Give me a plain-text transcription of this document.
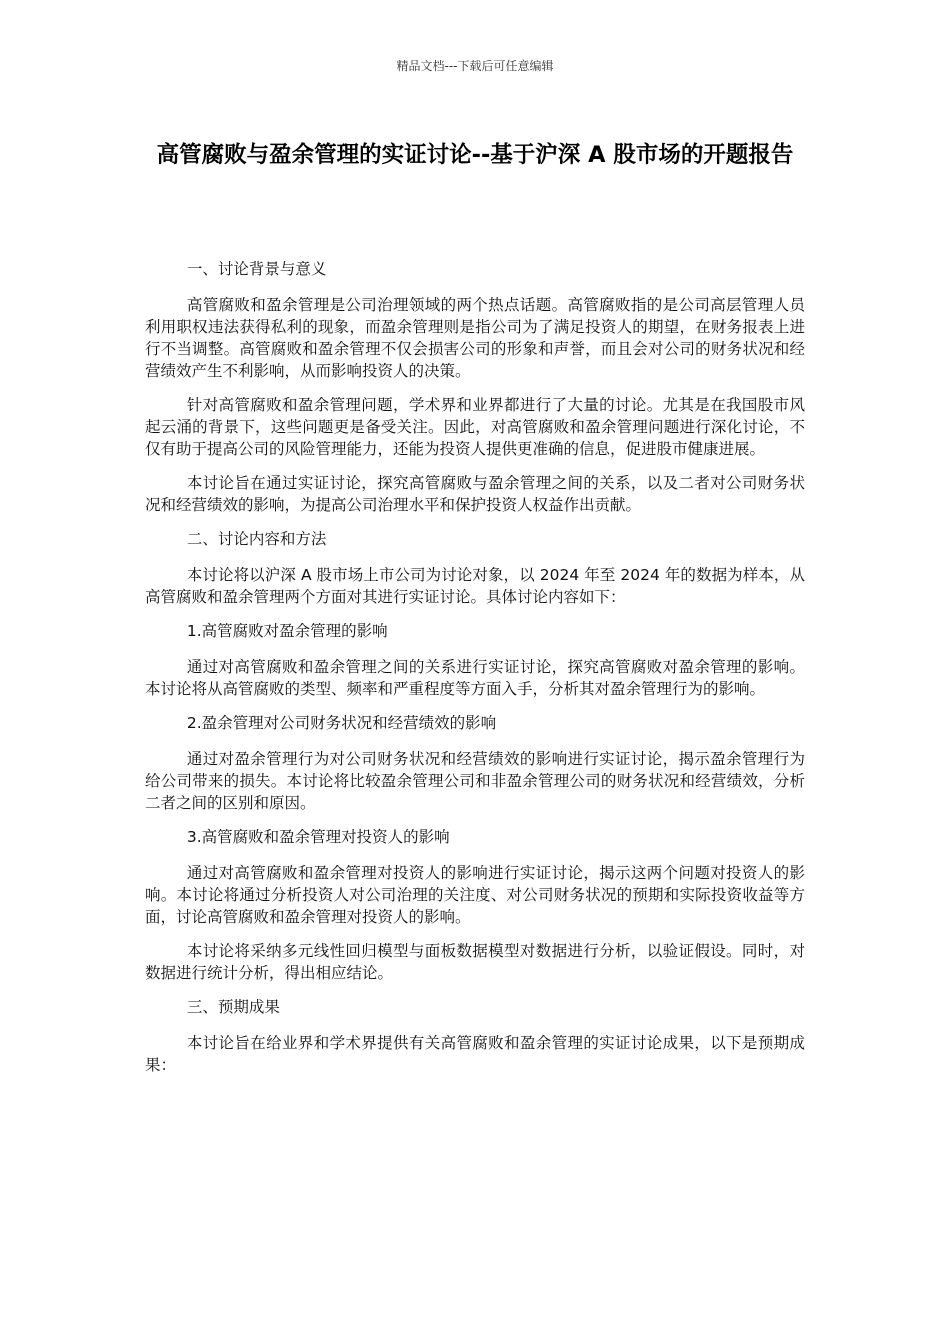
精品文档---下载后可任意编辑
高管腐败与盈余管理的实证讨论--基于沪深 A 股市场的开题报告
一、讨论背景与意义

高管腐败和盈余管理是公司治理领域的两个热点话题。高管腐败指的是公司高层管理人员利用职权违法获得私利的现象，而盈余管理则是指公司为了满足投资人的期望，在财务报表上进行不当调整。高管腐败和盈余管理不仅会损害公司的形象和声誉，而且会对公司的财务状况和经营绩效产生不利影响，从而影响投资人的决策。

针对高管腐败和盈余管理问题，学术界和业界都进行了大量的讨论。尤其是在我国股市风起云涌的背景下，这些问题更是备受关注。因此，对高管腐败和盈余管理问题进行深化讨论，不仅有助于提高公司的风险管理能力，还能为投资人提供更准确的信息，促进股市健康进展。

本讨论旨在通过实证讨论，探究高管腐败与盈余管理之间的关系，以及二者对公司财务状况和经营绩效的影响，为提高公司治理水平和保护投资人权益作出贡献。

二、讨论内容和方法

本讨论将以沪深 A 股市场上市公司为讨论对象，以 2024 年至 2024 年的数据为样本，从高管腐败和盈余管理两个方面对其进行实证讨论。具体讨论内容如下：

1.高管腐败对盈余管理的影响

通过对高管腐败和盈余管理之间的关系进行实证讨论，探究高管腐败对盈余管理的影响。本讨论将从高管腐败的类型、频率和严重程度等方面入手，分析其对盈余管理行为的影响。

2.盈余管理对公司财务状况和经营绩效的影响

通过对盈余管理行为对公司财务状况和经营绩效的影响进行实证讨论，揭示盈余管理行为给公司带来的损失。本讨论将比较盈余管理公司和非盈余管理公司的财务状况和经营绩效，分析二者之间的区别和原因。

3.高管腐败和盈余管理对投资人的影响

通过对高管腐败和盈余管理对投资人的影响进行实证讨论，揭示这两个问题对投资人的影响。本讨论将通过分析投资人对公司治理的关注度、对公司财务状况的预期和实际投资收益等方面，讨论高管腐败和盈余管理对投资人的影响。

本讨论将采纳多元线性回归模型与面板数据模型对数据进行分析，以验证假设。同时，对数据进行统计分析，得出相应结论。

三、预期成果

本讨论旨在给业界和学术界提供有关高管腐败和盈余管理的实证讨论成果，以下是预期成果：
